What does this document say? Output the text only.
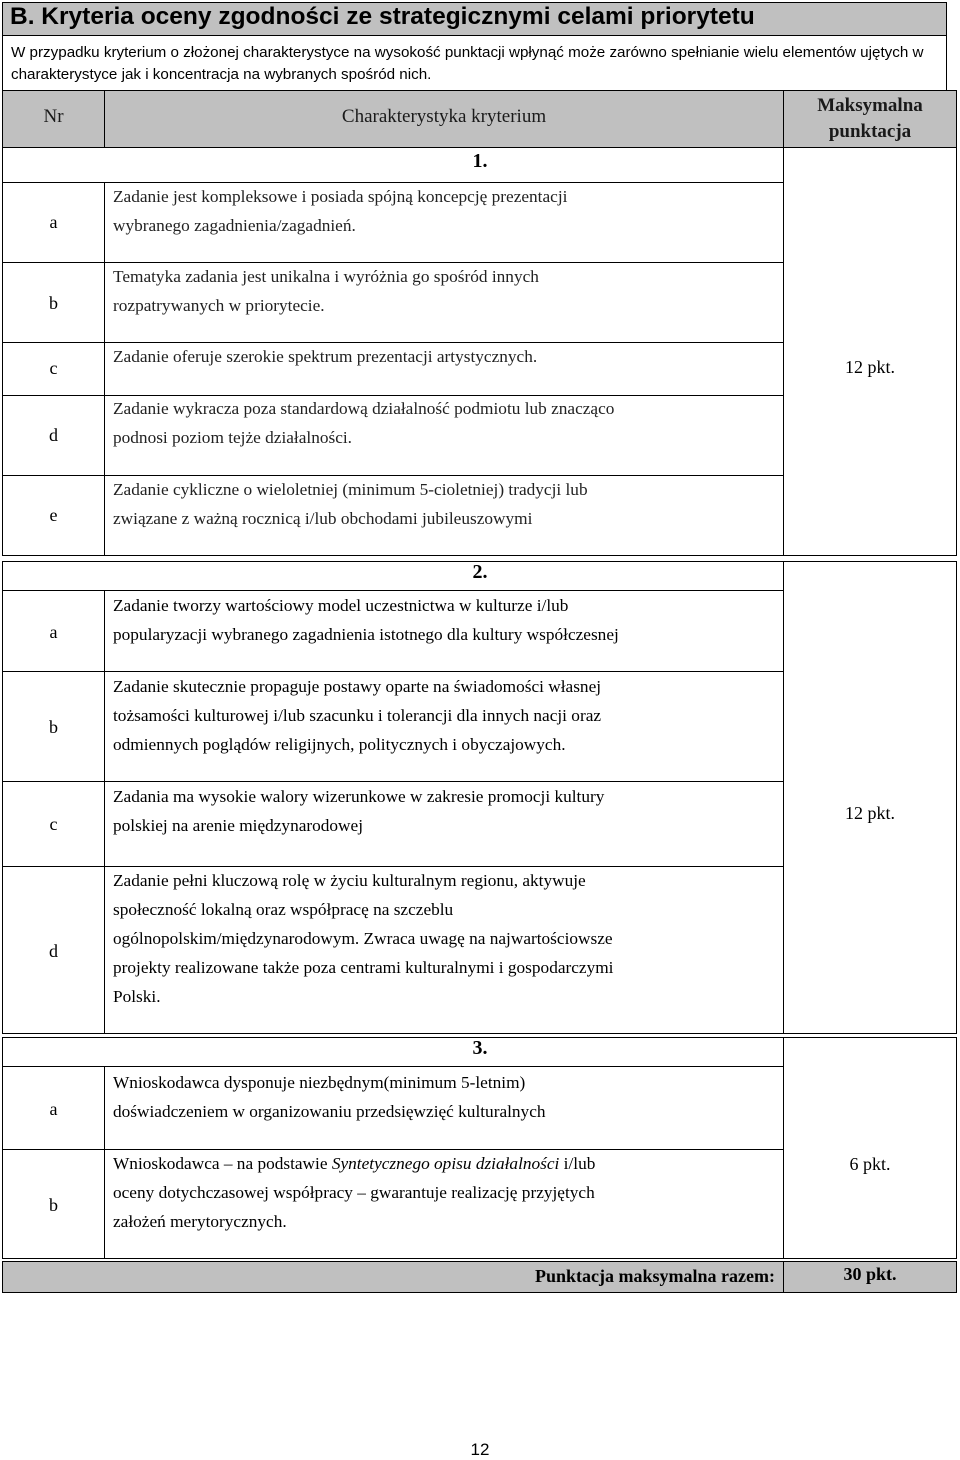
B. Kryteria oceny zgodności ze strategicznymi celami priorytetu
W przypadku kryterium o złożonej charakterystyce na wysokość punktacji wpłynąć może zarówno spełnianie wielu elementów ujętych w charakterystyce jak i koncentracja na wybranych spośród nich.
Nr	Charakterystyka kryterium
Maksymalna
punktacja
1.
12 pkt.
a
Zadanie jest kompleksowe i posiada spójną koncepcję prezentacji
wybranego zagadnienia/zagadnień.
b
Tematyka zadania jest unikalna i wyróżnia go spośród innych
rozpatrywanych w priorytecie.
c
Zadanie oferuje szerokie spektrum prezentacji artystycznych.
d
Zadanie wykracza poza standardową działalność podmiotu lub znacząco
podnosi poziom tejże działalności.
e
Zadanie cykliczne o wieloletniej (minimum 5-cioletniej) tradycji lub
związane z ważną rocznicą i/lub obchodami jubileuszowymi
2.
12 pkt.
a
Zadanie tworzy wartościowy model uczestnictwa w kulturze i/lub
popularyzacji wybranego zagadnienia istotnego dla kultury współczesnej
b
Zadanie skutecznie propaguje postawy oparte na świadomości własnej
tożsamości kulturowej i/lub szacunku i tolerancji dla innych nacji oraz
odmiennych poglądów religijnych, politycznych i obyczajowych.
c
Zadania ma wysokie walory wizerunkowe w zakresie promocji kultury
polskiej na arenie międzynarodowej
d
Zadanie pełni kluczową rolę w życiu kulturalnym regionu, aktywuje
społeczność lokalną oraz współpracę na szczeblu
ogólnopolskim/międzynarodowym. Zwraca uwagę na najwartościowsze
projekty realizowane także poza centrami kulturalnymi i gospodarczymi
Polski.
3.
6 pkt.
a
Wnioskodawca dysponuje niezbędnym(minimum 5-letnim)
doświadczeniem w organizowaniu przedsięwzięć kulturalnych
b
Wnioskodawca – na podstawie Syntetycznego opisu działalności i/lub
oceny dotychczasowej współpracy – gwarantuje realizację przyjętych
założeń merytorycznych.
Punktacja maksymalna razem:	30 pkt.
12
